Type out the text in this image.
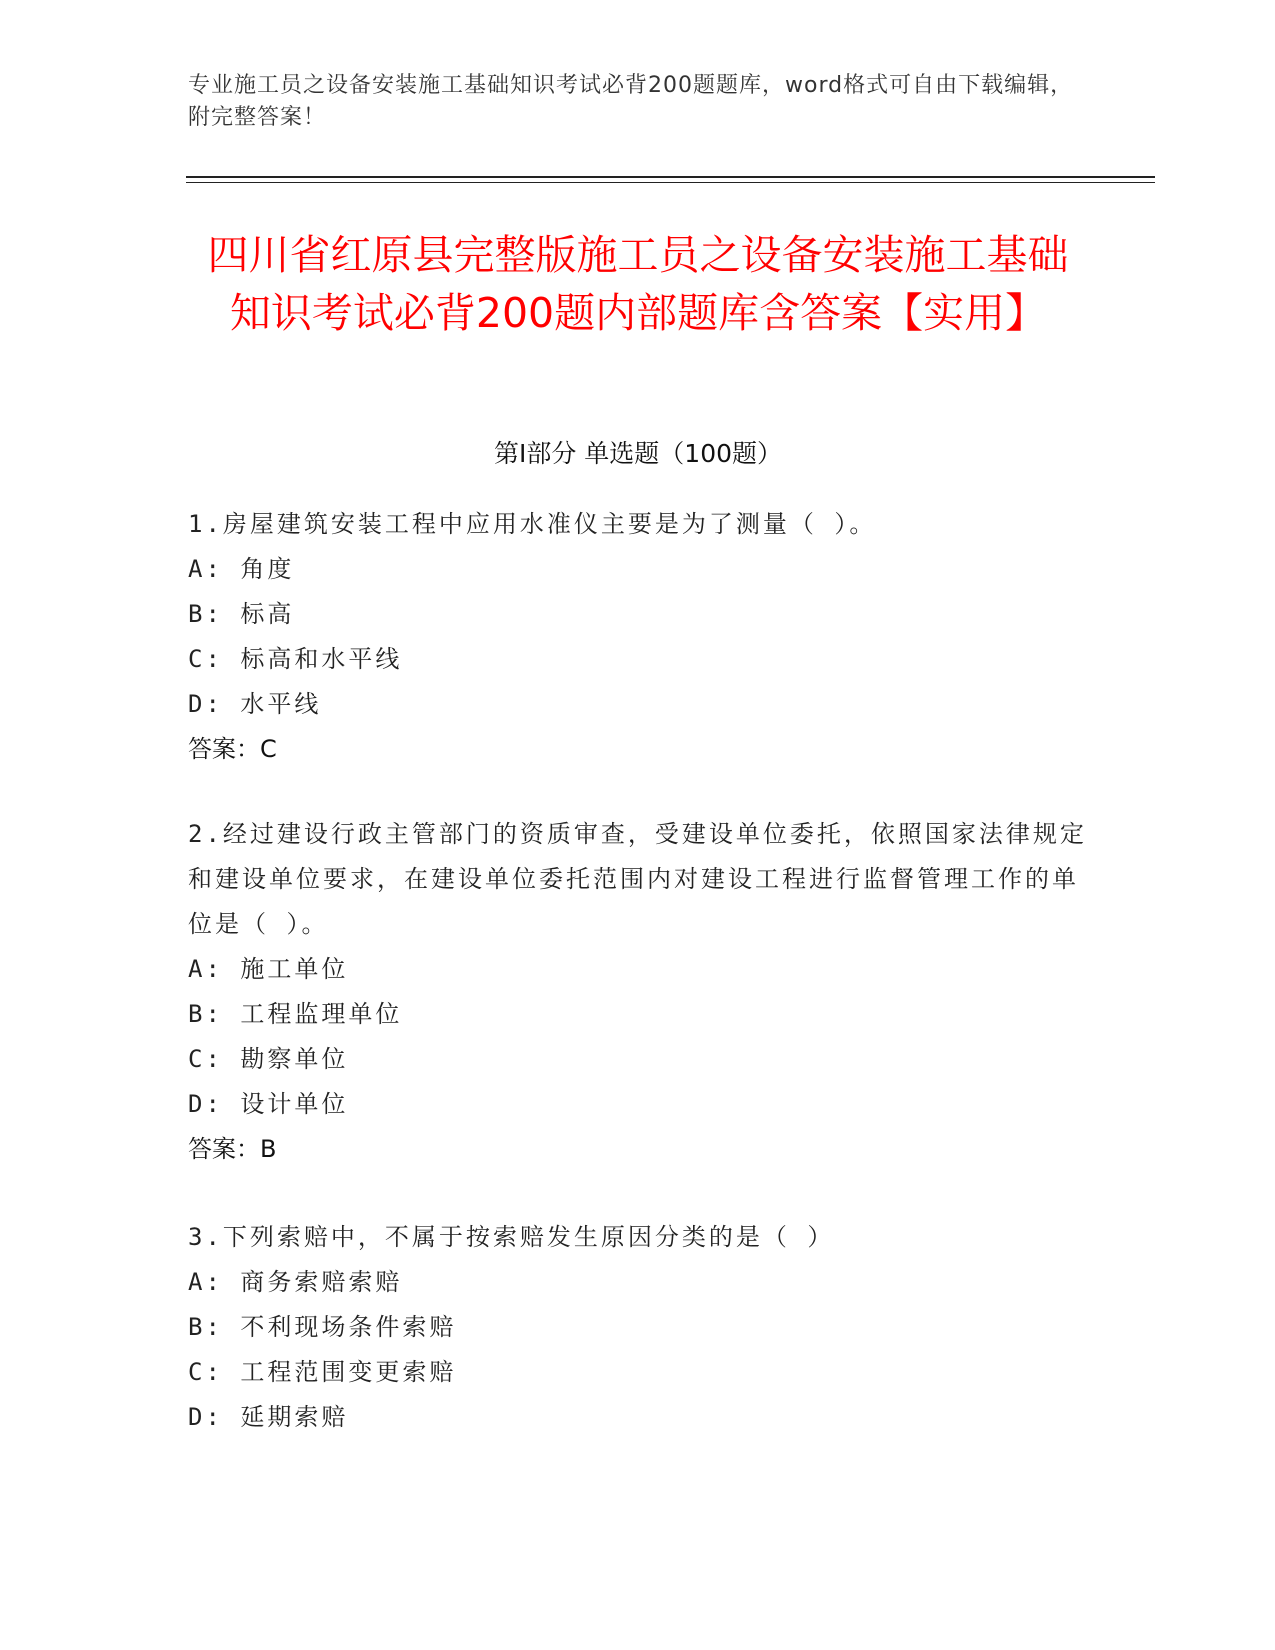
专业施工员之设备安装施工基础知识考试必背200题题库，word格式可自由下载编辑，附完整答案！
四川省红原县完整版施工员之设备安装施工基础知识考试必背200题内部题库含答案【实用】
第I部分 单选题（100题）

1.房屋建筑安装工程中应用水准仪主要是为了测量（ ）。

A: 角度

B: 标高

C: 标高和水平线

D: 水平线

答案：C

2.经过建设行政主管部门的资质审查，受建设单位委托，依照国家法律规定和建设单位要求，在建设单位委托范围内对建设工程进行监督管理工作的单位是（ ）。

A: 施工单位

B: 工程监理单位

C: 勘察单位

D: 设计单位

答案：B

3.下列索赔中，不属于按索赔发生原因分类的是（ ）

A: 商务索赔索赔

B: 不利现场条件索赔

C: 工程范围变更索赔

D: 延期索赔
